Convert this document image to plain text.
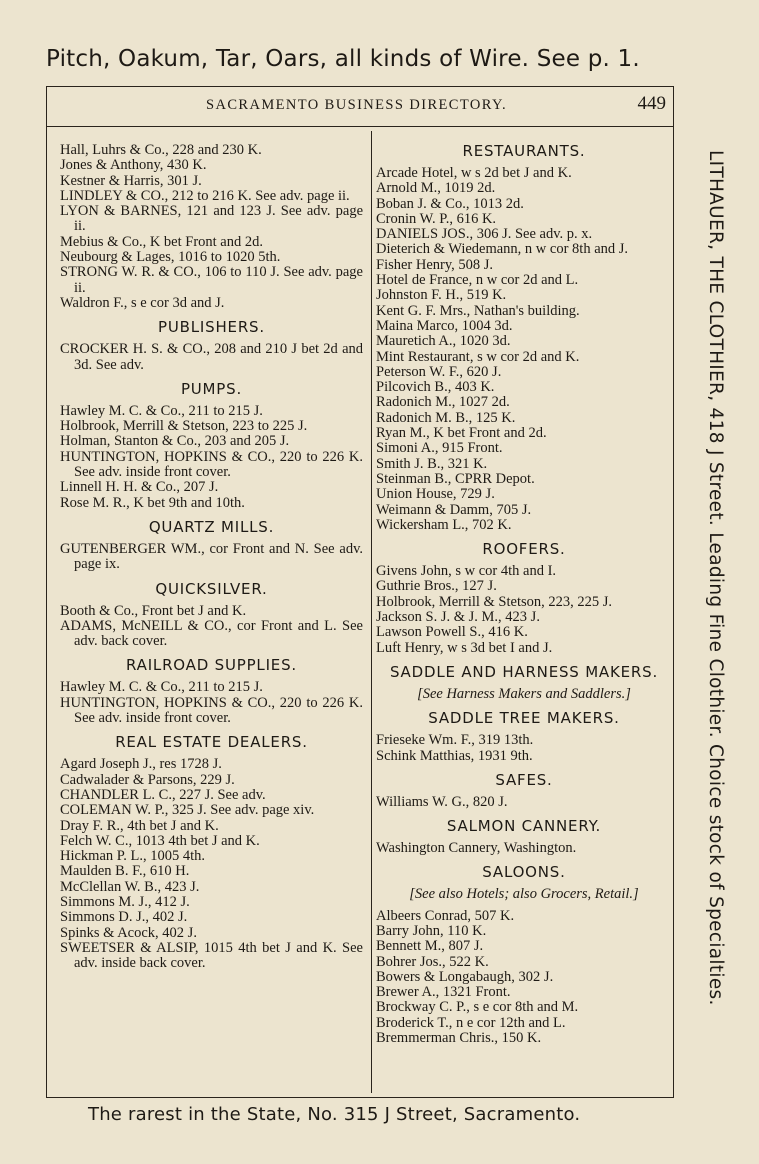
Pitch, Oakum, Tar, Oars, all kinds of Wire. See p. 1.
SACRAMENTO BUSINESS DIRECTORY.	449
Hall, Luhrs & Co., 228 and 230 K.
Jones & Anthony, 430 K.
Kestner & Harris, 301 J.
LINDLEY & CO., 212 to 216 K. See adv. page ii.
LYON & BARNES, 121 and 123 J. See adv. page ii.
Mebius & Co., K bet Front and 2d.
Neubourg & Lages, 1016 to 1020 5th.
STRONG W. R. & CO., 106 to 110 J. See adv. page ii.
Waldron F., s e cor 3d and J.
PUBLISHERS.
CROCKER H. S. & CO., 208 and 210 J bet 2d and 3d. See adv.
PUMPS.
Hawley M. C. & Co., 211 to 215 J.
Holbrook, Merrill & Stetson, 223 to 225 J.
Holman, Stanton & Co., 203 and 205 J.
HUNTINGTON, HOPKINS & CO., 220 to 226 K. See adv. inside front cover.
Linnell H. H. & Co., 207 J.
Rose M. R., K bet 9th and 10th.
QUARTZ MILLS.
GUTENBERGER WM., cor Front and N. See adv. page ix.
QUICKSILVER.
Booth & Co., Front bet J and K.
ADAMS, McNEILL & CO., cor Front and L. See adv. back cover.
RAILROAD SUPPLIES.
Hawley M. C. & Co., 211 to 215 J.
HUNTINGTON, HOPKINS & CO., 220 to 226 K. See adv. inside front cover.
REAL ESTATE DEALERS.
Agard Joseph J., res 1728 J.
Cadwalader & Parsons, 229 J.
CHANDLER L. C., 227 J. See adv.
COLEMAN W. P., 325 J. See adv. page xiv.
Dray F. R., 4th bet J and K.
Felch W. C., 1013 4th bet J and K.
Hickman P. L., 1005 4th.
Maulden B. F., 610 H.
McClellan W. B., 423 J.
Simmons M. J., 412 J.
Simmons D. J., 402 J.
Spinks & Acock, 402 J.
SWEETSER & ALSIP, 1015 4th bet J and K. See adv. inside back cover.
RESTAURANTS.
Arcade Hotel, w s 2d bet J and K.
Arnold M., 1019 2d.
Boban J. & Co., 1013 2d.
Cronin W. P., 616 K.
DANIELS JOS., 306 J. See adv. p. x.
Dieterich & Wiedemann, n w cor 8th and J.
Fisher Henry, 508 J.
Hotel de France, n w cor 2d and L.
Johnston F. H., 519 K.
Kent G. F. Mrs., Nathan's building.
Maina Marco, 1004 3d.
Mauretich A., 1020 3d.
Mint Restaurant, s w cor 2d and K.
Peterson W. F., 620 J.
Pilcovich B., 403 K.
Radonich M., 1027 2d.
Radonich M. B., 125 K.
Ryan M., K bet Front and 2d.
Simoni A., 915 Front.
Smith J. B., 321 K.
Steinman B., CPRR Depot.
Union House, 729 J.
Weimann & Damm, 705 J.
Wickersham L., 702 K.
ROOFERS.
Givens John, s w cor 4th and I.
Guthrie Bros., 127 J.
Holbrook, Merrill & Stetson, 223, 225 J.
Jackson S. J. & J. M., 423 J.
Lawson Powell S., 416 K.
Luft Henry, w s 3d bet I and J.
SADDLE AND HARNESS MAKERS.
[See Harness Makers and Saddlers.]
SADDLE TREE MAKERS.
Frieseke Wm. F., 319 13th.
Schink Matthias, 1931 9th.
SAFES.
Williams W. G., 820 J.
SALMON CANNERY.
Washington Cannery, Washington.
SALOONS.
[See also Hotels; also Grocers, Retail.]
Albeers Conrad, 507 K.
Barry John, 110 K.
Bennett M., 807 J.
Bohrer Jos., 522 K.
Bowers & Longabaugh, 302 J.
Brewer A., 1321 Front.
Brockway C. P., s e cor 8th and M.
Broderick T., n e cor 12th and L.
Bremmerman Chris., 150 K.
LITHAUER, THE CLOTHIER, 418 J Street. Leading Fine Clothier. Choice stock of Specialties.
The rarest in the State, No. 315 J Street, Sacramento.
